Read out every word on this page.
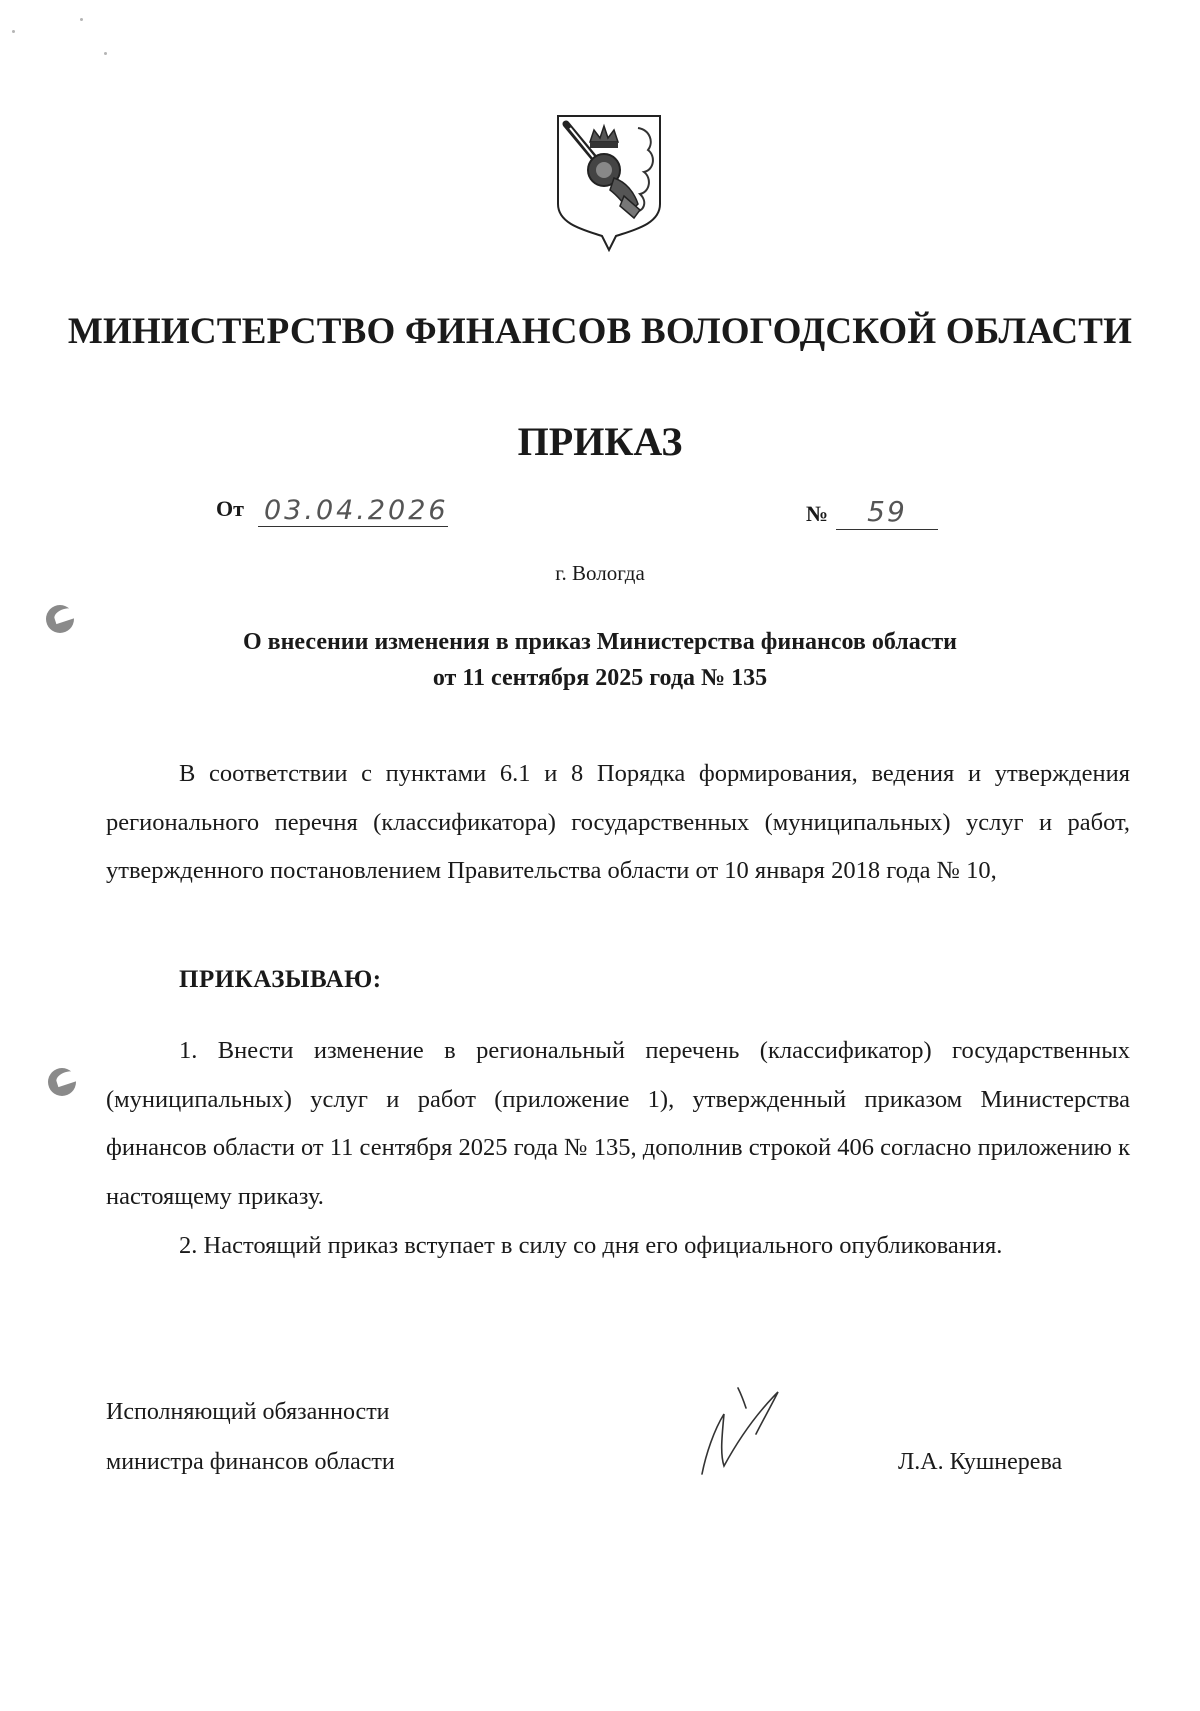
МИНИСТЕРСТВО ФИНАНСОВ ВОЛОГОДСКОЙ ОБЛАСТИ
ПРИКАЗ
От 03.04.2026	№	59
г. Вологда
О внесении изменения в приказ Министерства финансов области
от 11 сентября 2025 года № 135

В соответствии с пунктами 6.1 и 8 Порядка формирования, ведения и утверждения регионального перечня (классификатора) государственных (муниципальных) услуг и работ, утвержденного постановлением Правительства области от 10 января 2018 года № 10,

ПРИКАЗЫВАЮ:

1. Внести изменение в региональный перечень (классификатор) государственных (муниципальных) услуг и работ (приложение 1), утвержденный приказом Министерства финансов области от 11 сентября 2025 года № 135, дополнив строкой 406 согласно приложению к настоящему приказу.

2. Настоящий приказ вступает в силу со дня его официального опубликования.

Исполняющий обязанности
министра финансов области	Л.А. Кушнерева
